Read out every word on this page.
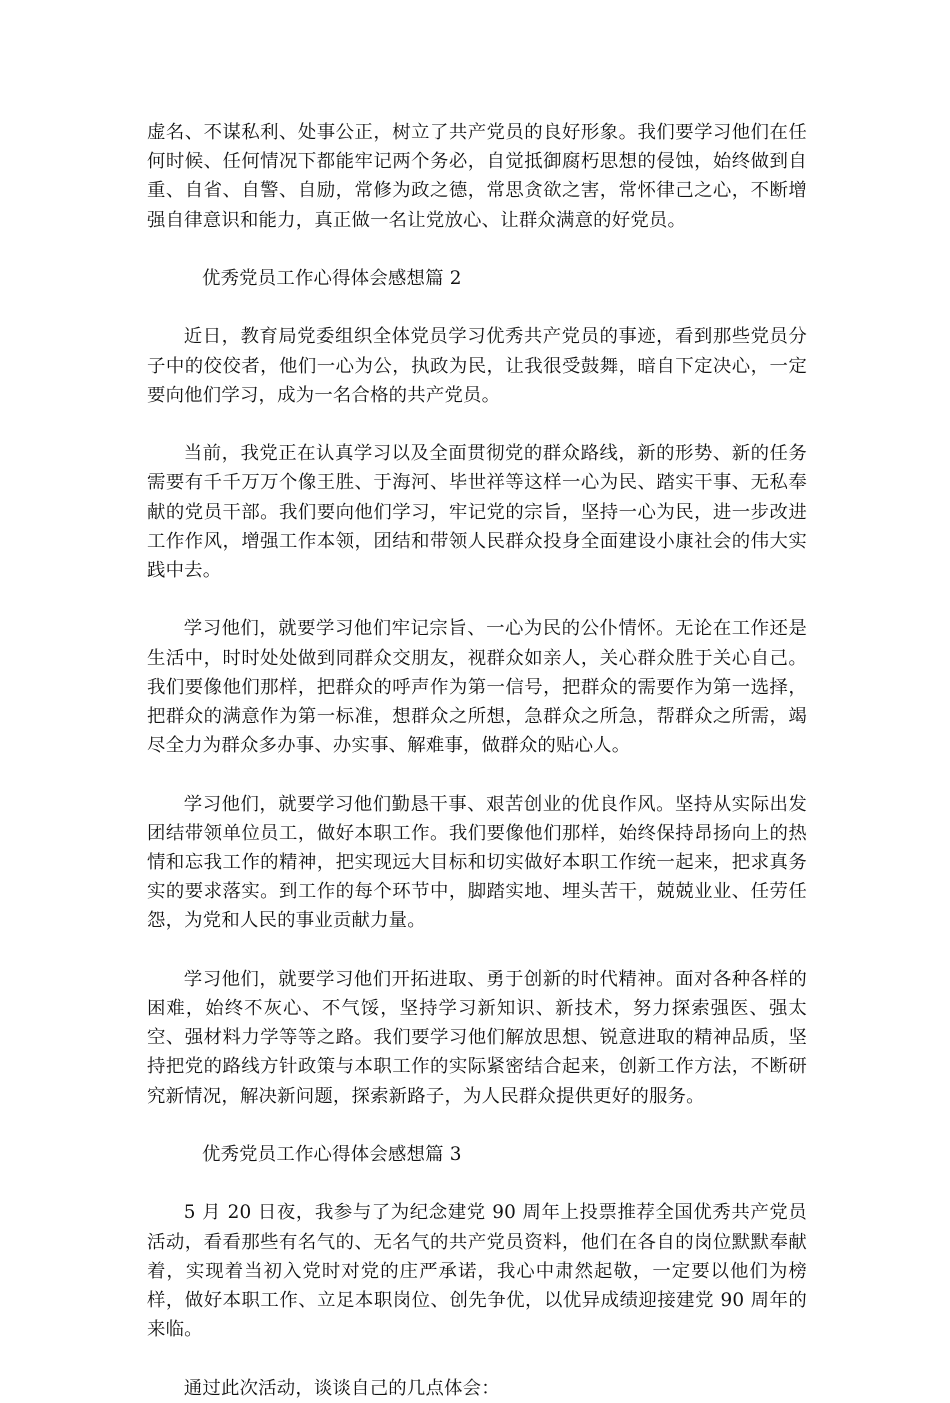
虚名、不谋私利、处事公正，树立了共产党员的良好形象。我们要学习他们在任何时候、任何情况下都能牢记两个务必，自觉抵御腐朽思想的侵蚀，始终做到自重、自省、自警、自励，常修为政之德，常思贪欲之害，常怀律己之心，不断增强自律意识和能力，真正做一名让党放心、让群众满意的好党员。

优秀党员工作心得体会感想篇 2

近日，教育局党委组织全体党员学习优秀共产党员的事迹，看到那些党员分子中的佼佼者，他们一心为公，执政为民，让我很受鼓舞，暗自下定决心，一定要向他们学习，成为一名合格的共产党员。

当前，我党正在认真学习以及全面贯彻党的群众路线，新的形势、新的任务需要有千千万万个像王胜、于海河、毕世祥等这样一心为民、踏实干事、无私奉献的党员干部。我们要向他们学习，牢记党的宗旨，坚持一心为民，进一步改进工作作风，增强工作本领，团结和带领人民群众投身全面建设小康社会的伟大实践中去。

学习他们，就要学习他们牢记宗旨、一心为民的公仆情怀。无论在工作还是生活中，时时处处做到同群众交朋友，视群众如亲人，关心群众胜于关心自己。我们要像他们那样，把群众的呼声作为第一信号，把群众的需要作为第一选择，把群众的满意作为第一标准，想群众之所想，急群众之所急，帮群众之所需，竭尽全力为群众多办事、办实事、解难事，做群众的贴心人。

学习他们，就要学习他们勤恳干事、艰苦创业的优良作风。坚持从实际出发团结带领单位员工，做好本职工作。我们要像他们那样，始终保持昂扬向上的热情和忘我工作的精神，把实现远大目标和切实做好本职工作统一起来，把求真务实的要求落实。到工作的每个环节中，脚踏实地、埋头苦干，兢兢业业、任劳任怨，为党和人民的事业贡献力量。

学习他们，就要学习他们开拓进取、勇于创新的时代精神。面对各种各样的困难，始终不灰心、不气馁，坚持学习新知识、新技术，努力探索强医、强太空、强材料力学等等之路。我们要学习他们解放思想、锐意进取的精神品质，坚持把党的路线方针政策与本职工作的实际紧密结合起来，创新工作方法，不断研究新情况，解决新问题，探索新路子，为人民群众提供更好的服务。

优秀党员工作心得体会感想篇 3

5 月 20 日夜，我参与了为纪念建党 90 周年上投票推荐全国优秀共产党员活动，看看那些有名气的、无名气的共产党员资料，他们在各自的岗位默默奉献着，实现着当初入党时对党的庄严承诺，我心中肃然起敬，一定要以他们为榜样，做好本职工作、立足本职岗位、创先争优，以优异成绩迎接建党 90 周年的来临。

通过此次活动，谈谈自己的几点体会：
